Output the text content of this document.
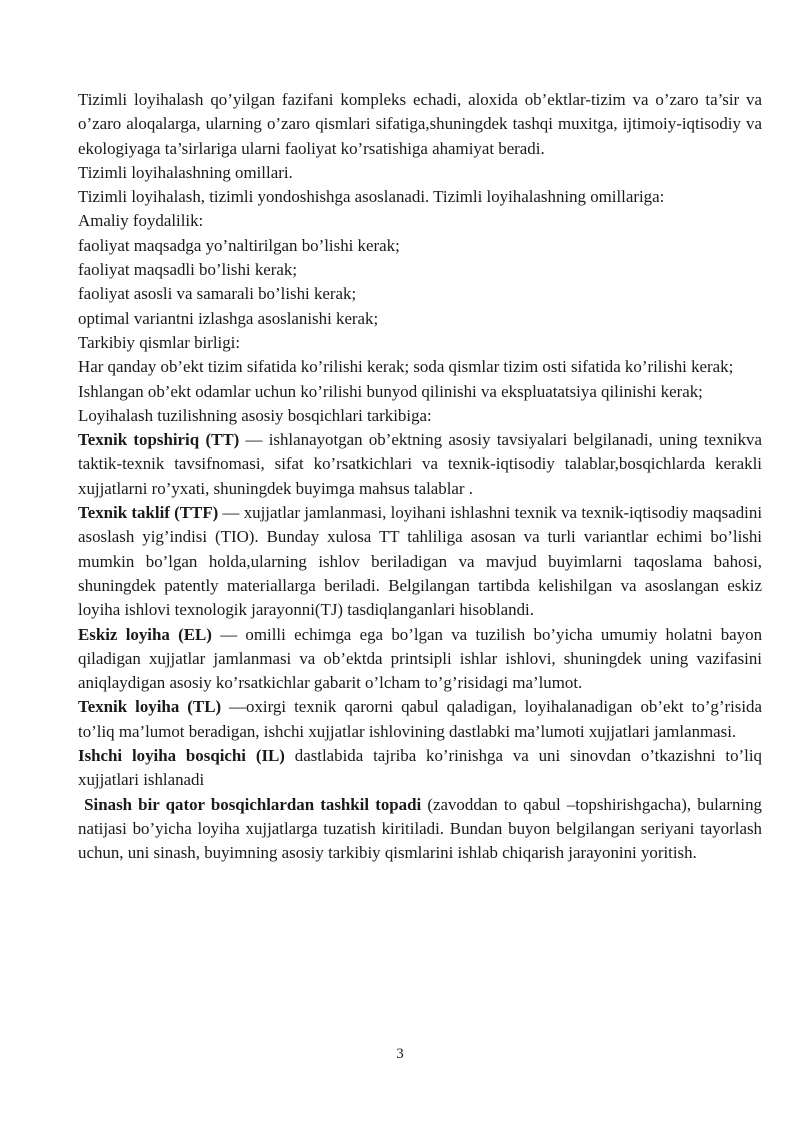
Tizimli loyihalash qo’yilgan fazifani kompleks echadi, aloxida ob’ektlar-tizim va o’zaro ta’sir va o’zaro aloqalarga, ularning o’zaro qismlari sifatiga,shuningdek tashqi muxitga, ijtimoiy-iqtisodiy va ekologiyaga ta’sirlariga ularni faoliyat ko’rsatishiga ahamiyat beradi.

Tizimli loyihalashning omillari.

Tizimli loyihalash, tizimli yondoshishga asoslanadi. Tizimli loyihalashning omillariga:

Amaliy foydalilik:

faoliyat maqsadga yo’naltirilgan bo’lishi kerak;

faoliyat maqsadli bo’lishi kerak;

faoliyat asosli va samarali bo’lishi kerak;

optimal variantni izlashga asoslanishi kerak;

Tarkibiy qismlar birligi:

Har qanday ob’ekt tizim sifatida ko’rilishi kerak; soda qismlar tizim osti sifatida ko’rilishi kerak;

Ishlangan ob’ekt odamlar uchun ko’rilishi bunyod qilinishi va ekspluatatsiya qilinishi kerak;

Loyihalash tuzilishning asosiy bosqichlari tarkibiga:

Texnik topshiriq (TT) — ishlanayotgan ob’ektning asosiy tavsiyalari belgilanadi, uning texnikva taktik-texnik tavsifnomasi, sifat ko’rsatkichlari va texnik-iqtisodiy talablar,bosqichlarda kerakli xujjatlarni ro’yxati, shuningdek buyimga mahsus talablar .

Texnik taklif (TTF) — xujjatlar jamlanmasi, loyihani ishlashni texnik va texnik-iqtisodiy maqsadini asoslash yig’indisi (TIO). Bunday xulosa TT tahliliga asosan va turli variantlar echimi bo’lishi mumkin bo’lgan holda,ularning ishlov beriladigan va mavjud buyimlarni taqoslama bahosi, shuningdek patently materiallarga beriladi. Belgilangan tartibda kelishilgan va asoslangan eskiz loyiha ishlovi texnologik jarayonni(TJ) tasdiqlanganlari hisoblandi.

Eskiz loyiha (EL) — omilli echimga ega bo’lgan va tuzilish bo’yicha umumiy holatni bayon qiladigan xujjatlar jamlanmasi va ob’ektda printsipli ishlar ishlovi, shuningdek uning vazifasini aniqlaydigan asosiy ko’rsatkichlar gabarit o’lcham to’g’risidagi ma’lumot.

Texnik loyiha (TL) —oxirgi texnik qarorni qabul qaladigan, loyihalanadigan ob’ekt to’g’risida to’liq ma’lumot beradigan, ishchi xujjatlar ishlovining dastlabki ma’lumoti xujjatlari jamlanmasi.

Ishchi loyiha bosqichi (IL) dastlabida tajriba ko’rinishga va uni sinovdan o’tkazishni to’liq xujjatlari ishlanadi

Sinash bir qator bosqichlardan tashkil topadi (zavoddan to qabul –topshirishgacha), bularning natijasi bo’yicha loyiha xujjatlarga tuzatish kiritiladi. Bundan buyon belgilangan seriyani tayorlash uchun, uni sinash, buyimning asosiy tarkibiy qismlarini ishlab chiqarish jarayonini yoritish.

3
